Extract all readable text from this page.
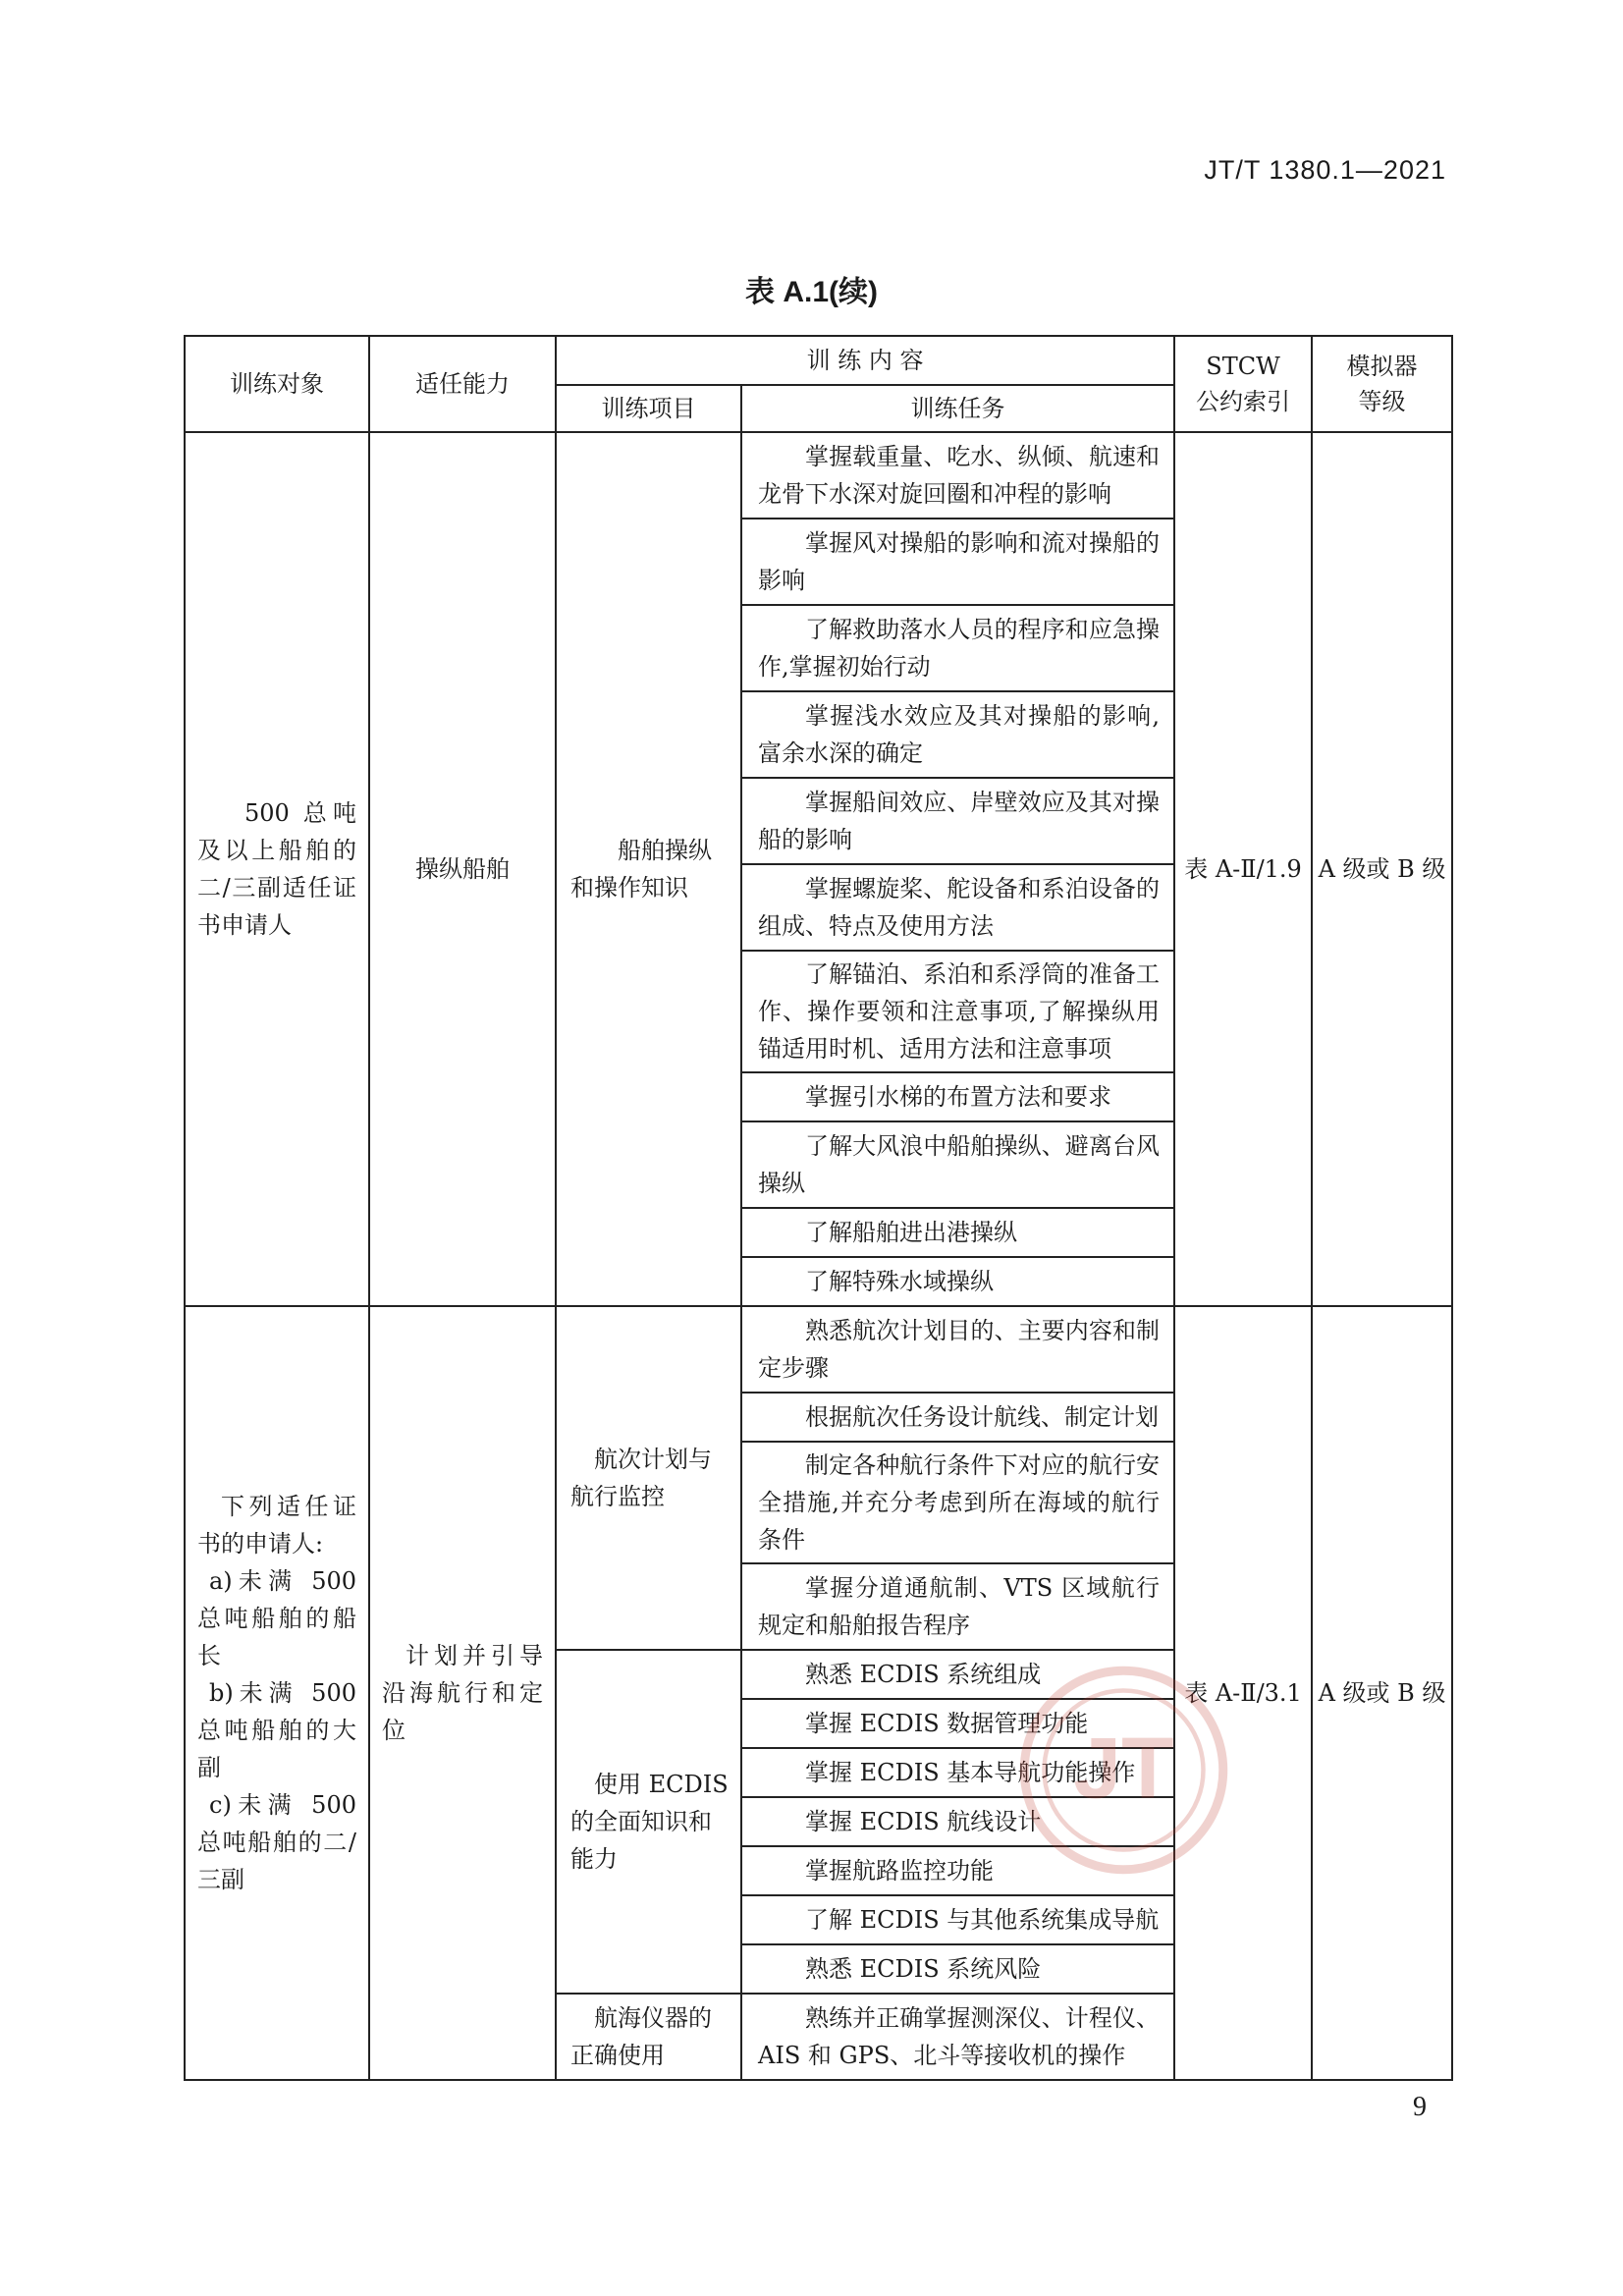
JT/T 1380.1—2021
表 A.1(续)
训练对象	适任能力	训 练 内 容		STCW公约索引	模拟器等级
		训练项目	训练任务		
500 总吨及以上船舶的二/三副适任证书申请人	操纵船舶	船舶操纵和操作知识	掌握载重量、吃水、纵倾、航速和龙骨下水深对旋回圈和冲程的影响	表 A-Ⅱ/1.9	A 级或 B 级
			掌握风对操船的影响和流对操船的影响		
			了解救助落水人员的程序和应急操作,掌握初始行动		
			掌握浅水效应及其对操船的影响,富余水深的确定		
			掌握船间效应、岸壁效应及其对操船的影响		
			掌握螺旋桨、舵设备和系泊设备的组成、特点及使用方法		
			了解锚泊、系泊和系浮筒的准备工作、操作要领和注意事项,了解操纵用锚适用时机、适用方法和注意事项		
			掌握引水梯的布置方法和要求		
			了解大风浪中船舶操纵、避离台风操纵		
			了解船舶进出港操纵		
			了解特殊水域操纵		

下列适任证书的申请人:
a)未满 500 总吨船舶的船长
b)未满 500 总吨船舶的大副
c)未满 500 总吨船舶的二/三副	计划并引导沿海航行和定位	航次计划与航行监控	熟悉航次计划目的、主要内容和制定步骤	表 A-Ⅱ/3.1	A 级或 B 级
			根据航次任务设计航线、制定计划		
			制定各种航行条件下对应的航行安全措施,并充分考虑到所在海域的航行条件		
			掌握分道通航制、VTS 区域航行规定和船舶报告程序		
		使用 ECDIS 的全面知识和能力	熟悉 ECDIS 系统组成		
			掌握 ECDIS 数据管理功能		
			掌握 ECDIS 基本导航功能操作		
			掌握 ECDIS 航线设计		
			掌握航路监控功能		
			了解 ECDIS 与其他系统集成导航		
			熟悉 ECDIS 系统风险		
		航海仪器的正确使用	熟练并正确掌握测深仪、计程仪、AIS 和 GPS、北斗等接收机的操作		
JT
9
